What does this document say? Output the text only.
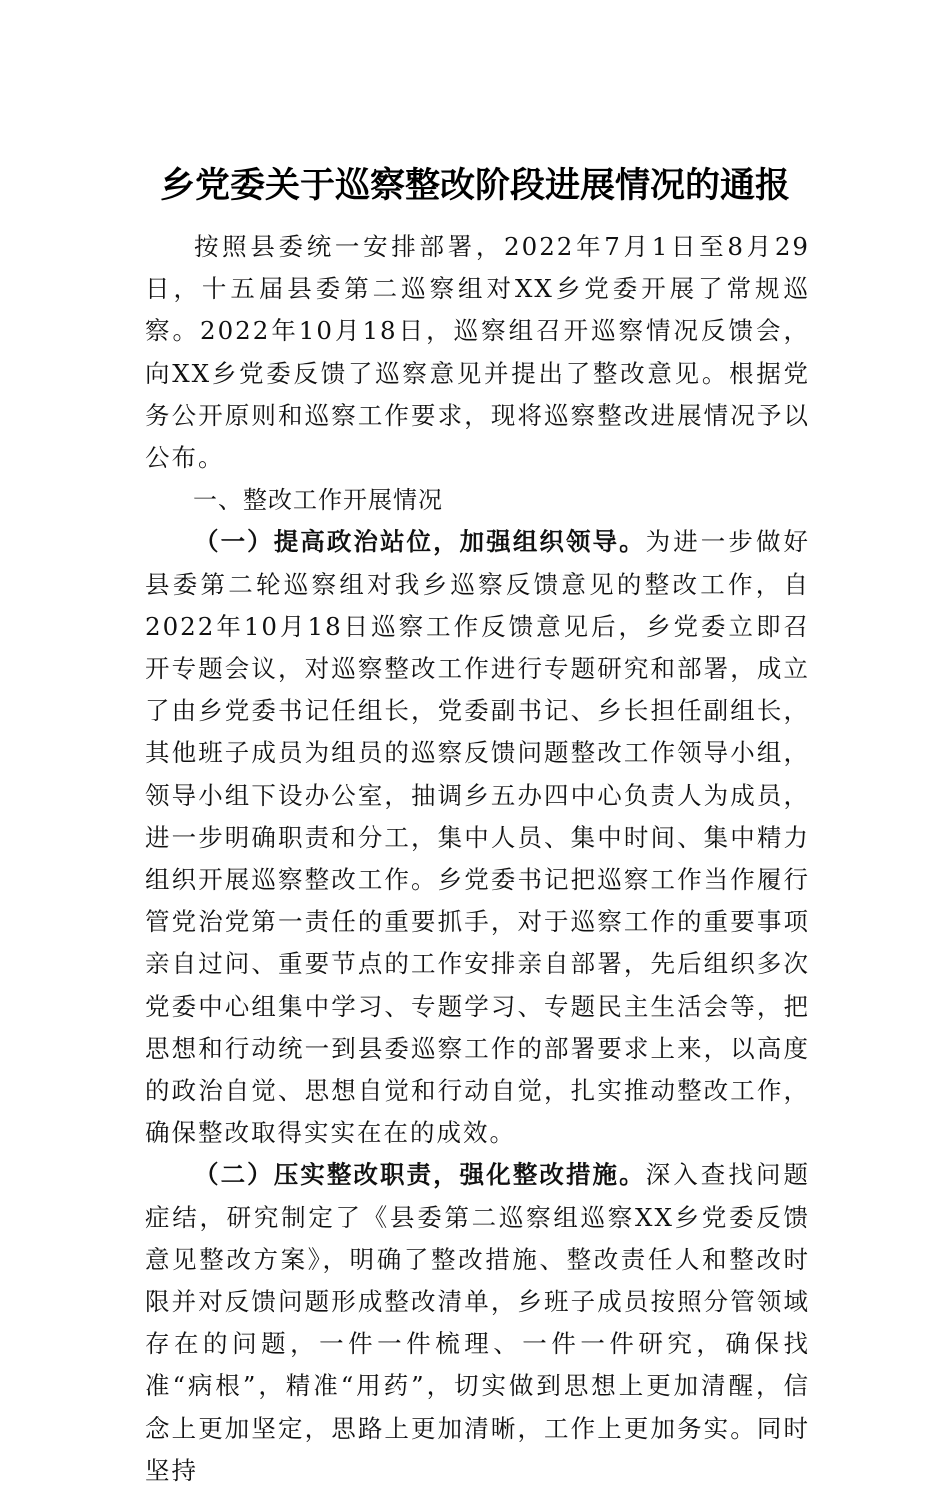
乡党委关于巡察整改阶段进展情况的通报

按照县委统一安排部署，2022年7月1日至8月29日，十五届县委第二巡察组对XX乡党委开展了常规巡察。2022年10月18日，巡察组召开巡察情况反馈会，向XX乡党委反馈了巡察意见并提出了整改意见。根据党务公开原则和巡察工作要求，现将巡察整改进展情况予以公布。

一、整改工作开展情况

（一）提高政治站位，加强组织领导。为进一步做好县委第二轮巡察组对我乡巡察反馈意见的整改工作，自2022年10月18日巡察工作反馈意见后，乡党委立即召开专题会议，对巡察整改工作进行专题研究和部署，成立了由乡党委书记任组长，党委副书记、乡长担任副组长，其他班子成员为组员的巡察反馈问题整改工作领导小组，领导小组下设办公室，抽调乡五办四中心负责人为成员，进一步明确职责和分工，集中人员、集中时间、集中精力组织开展巡察整改工作。乡党委书记把巡察工作当作履行管党治党第一责任的重要抓手，对于巡察工作的重要事项亲自过问、重要节点的工作安排亲自部署，先后组织多次党委中心组集中学习、专题学习、专题民主生活会等，把思想和行动统一到县委巡察工作的部署要求上来，以高度的政治自觉、思想自觉和行动自觉，扎实推动整改工作，确保整改取得实实在在的成效。

（二）压实整改职责，强化整改措施。深入查找问题症结，研究制定了《县委第二巡察组巡察XX乡党委反馈意见整改方案》，明确了整改措施、整改责任人和整改时限并对反馈问题形成整改清单，乡班子成员按照分管领域存在的问题，一件一件梳理、一件一件研究，确保找准“病根”，精准“用药”，切实做到思想上更加清醒，信念上更加坚定，思路上更加清晰，工作上更加务实。同时坚持
